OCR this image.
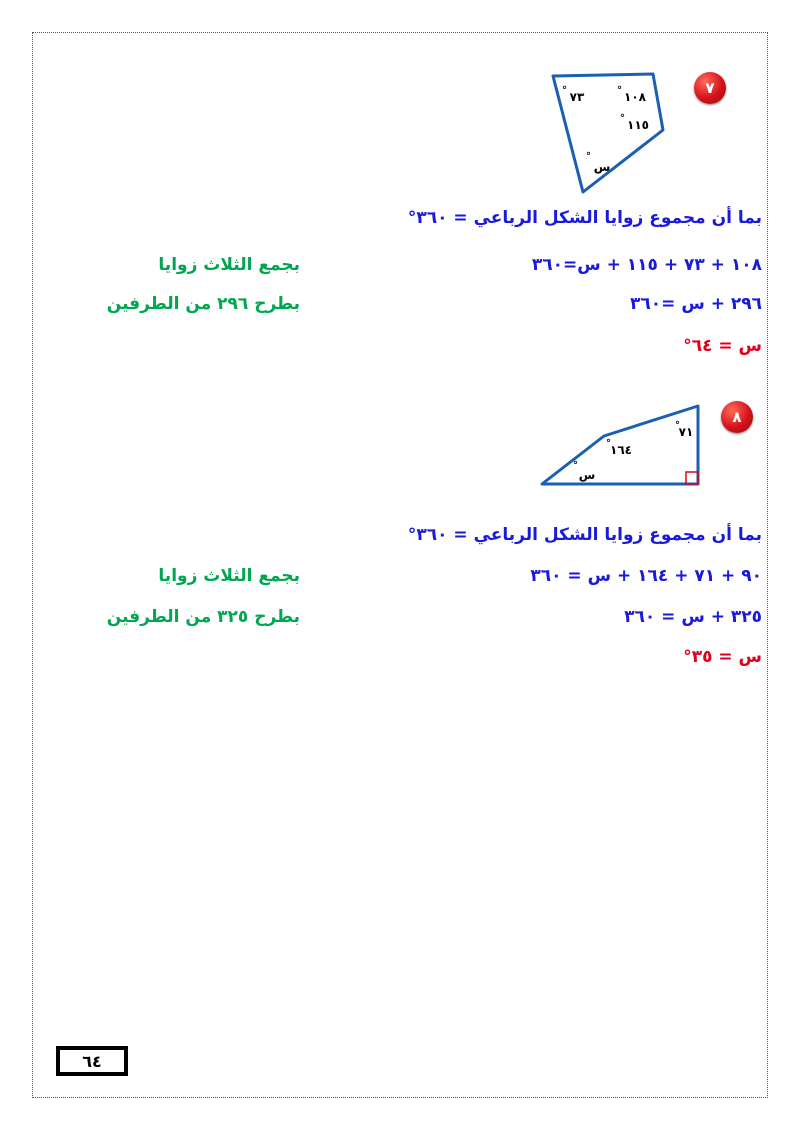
٧
٧٣
°	١٠٨
°
١١٥
°
س
°
بما أن مجموع زوايا الشكل الرباعي = ٣٦٠°
١٠٨ + ٧٣ + ١١٥ + س=٣٦٠
بجمع الثلاث زوايا
٢٩٦ + س =٣٦٠
بطرح ٢٩٦ من الطرفين
س = ٦٤°
٨
٧١
°
١٦٤
°
س
°
بما أن مجموع زوايا الشكل الرباعي = ٣٦٠°
٩٠ + ٧١ + ١٦٤ + س = ٣٦٠
بجمع الثلاث زوايا
٣٢٥ + س = ٣٦٠
بطرح ٣٢٥ من الطرفين
س = ٣٥°
٦٤
